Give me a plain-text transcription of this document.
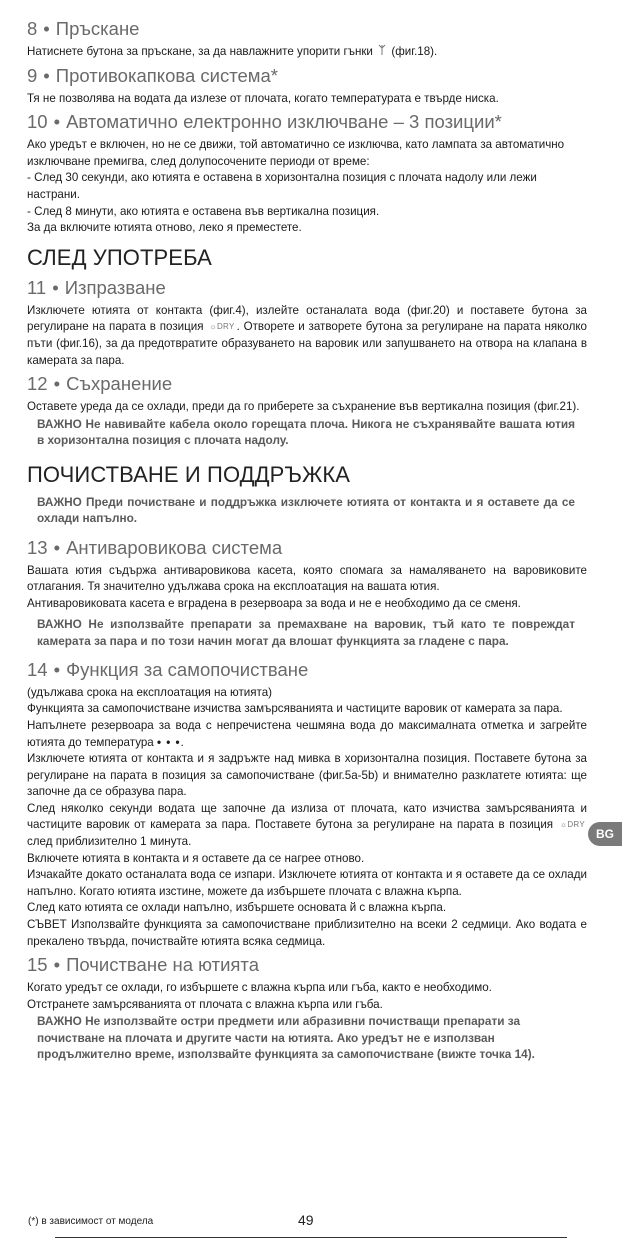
8 • Пръскане

Натиснете бутона за пръскане, за да навлажните упорити гънки (фиг.18).

9 • Противокапкова система*

Тя не позволява на водата да излезе от плочата, когато температурата е твърде ниска.

10 • Автоматично електронно изключване – 3 позиции*

Ако уредът е включен, но не се движи, той автоматично се изключва, като лампата за автоматично изключване премигва, след долупосочените периоди от време:

- След 30 секунди, ако ютията е оставена в хоризонтална позиция с плочата надолу или лежи настрани.

- След 8 минути, ако ютията е оставена във вертикална позиция.

За да включите ютията отново, леко я преместете.

СЛЕД УПОТРЕБА
11 • Изпразване

Изключете ютията от контакта (фиг.4), излейте останалата вода (фиг.20) и поставете бутона за регулиране на парата в позиция ☼DRY . Отворете и затворете бутона за регулиране на парата няколко пъти (фиг.16), за да предотвратите образуването на варовик или запушването на отвора на клапана в камерата за пара.

12 • Съхранение

Оставете уреда да се охлади, преди да го приберете за съхранение във вертикална позиция (фиг.21).

ВАЖНО Не навивайте кабела около горещата плоча. Никога не съхранявайте вашата ютия в хоризонтална позиция с плочата надолу.

ПОЧИСТВАНЕ И ПОДДРЪЖКА

ВАЖНО Преди почистване и поддръжка изключете ютията от контакта и я оставете да се охлади напълно.

13 • Антиваровикова система

Вашата ютия съдържа антиваровикова касета, която спомага за намаляването на варовиковите отлагания. Тя значително удължава срока на експлоатация на вашата ютия.

Антиваровиковата касета е вградена в резервоара за вода и не е необходимо да се сменя.

ВАЖНО Не използвайте препарати за премахване на варовик, тъй като те повреждат камерата за пара и по този начин могат да влошат функцията за гладене с пара.

14 • Функция за самопочистване

(удължава срока на експлоатация на ютията)

Функцията за самопочистване изчиства замърсяванията и частиците варовик от камерата за пара.

Напълнете резервоара за вода с непречистена чешмяна вода до максималната отметка и загрейте ютията до температура • • •.

Изключете ютията от контакта и я задръжте над мивка в хоризонтална позиция. Поставете бутона за регулиране на парата в позиция за самопочистване (фиг.5а-5b) и внимателно разклатете ютията: ще започне да се образува пара.

След няколко секунди водата ще започне да излиза от плочата, като изчиства замърсяванията и частиците варовик от камерата за пара. Поставете бутона за регулиране на парата в позиция ☼DRY след приблизително 1 минута.

Включете ютията в контакта и я оставете да се нагрее отново.

Изчакайте докато останалата вода се изпари. Изключете ютията от контакта и я оставете да се охлади напълно. Когато ютията изстине, можете да избършете плочата с влажна кърпа.

След като ютията се охлади напълно, избършете основата й с влажна кърпа.

СЪВЕТ Използвайте функцията за самопочистване приблизително на всеки 2 седмици. Ако водата е прекалено твърда, почиствайте ютията всяка седмица.

15 • Почистване на ютията

Когато уредът се охлади, го избършете с влажна кърпа или гъба, както е необходимо.

Отстранете замърсяванията от плочата с влажна кърпа или гъба.

ВАЖНО Не използвайте остри предмети или абразивни почистващи препарати за почистване на плочата и другите части на ютията. Ако уредът не е използван продължително време, използвайте функцията за самопочистване (вижте точка 14).

BG
(*) в зависимост от модела	49
